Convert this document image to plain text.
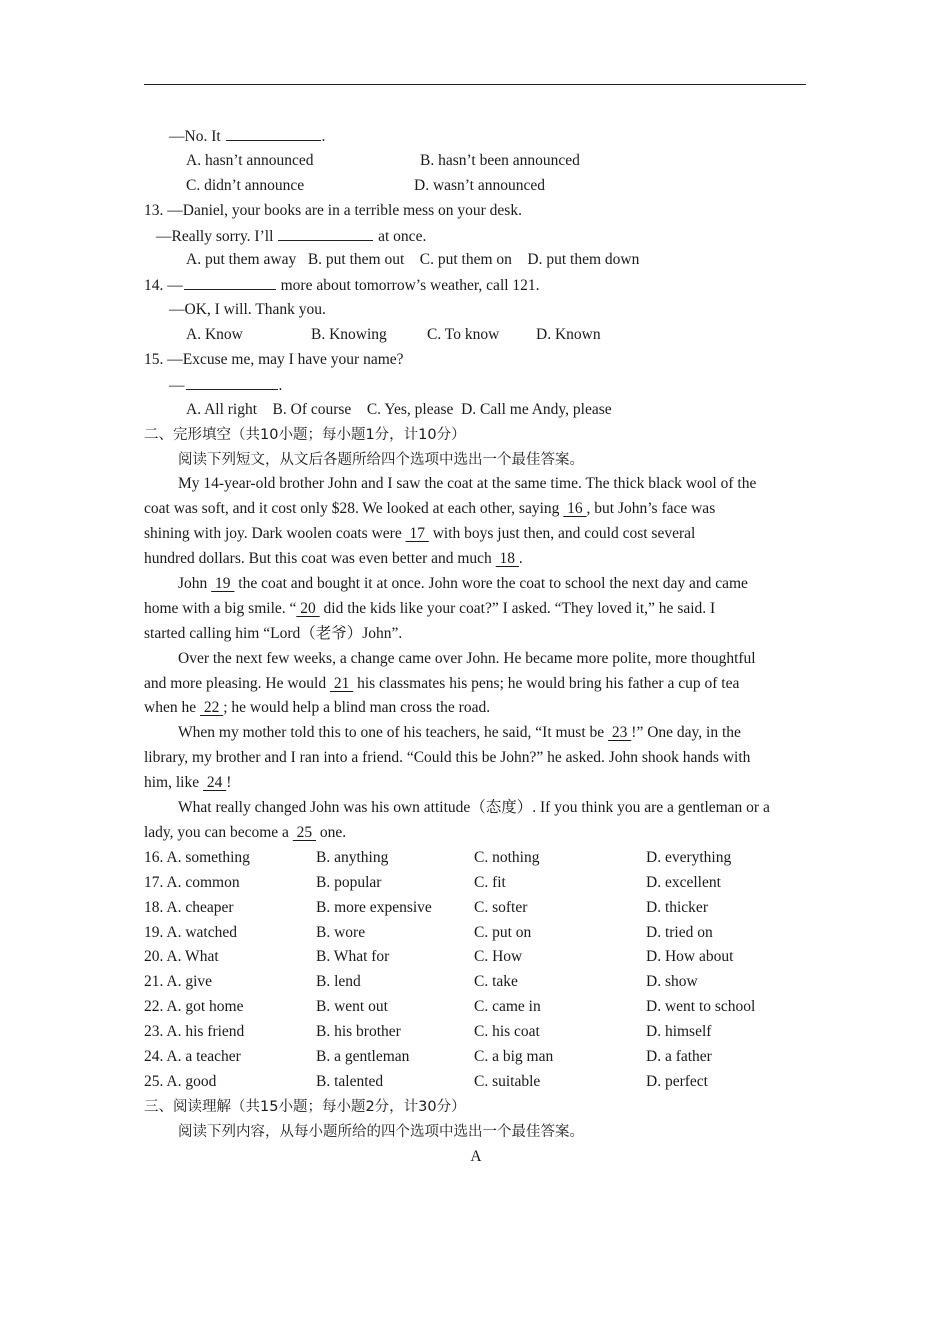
—No. It	.
A. hasn’t announced	B. hasn’t been announced
C. didn’t announce	D. wasn’t announced
13. —Daniel, your books are in a terrible mess on your desk.
—Really sorry. I’ll	at once.
A. put them away   B. put them out    C. put them on    D. put them down
14. —	more about tomorrow’s weather, call 121.
—OK, I will. Thank you.
A. Know	B. Knowing	C. To know D. Known
15. —Excuse me, may I have your name?
—	.
A. All right    B. Of course    C. Yes, please  D. Call me Andy, please
二、完形填空（共10小题；每小题1分，计10分）
阅读下列短文，从文后各题所给四个选项中选出一个最佳答案。
My 14-year-old brother John and I saw the coat at the same time. The thick black wool of the
coat was soft, and it cost only $28. We looked at each other, saying  16 , but John’s face was
shining with joy. Dark woolen coats were  17  with boys just then, and could cost several
hundred dollars. But this coat was even better and much  18 .
John  19  the coat and bought it at once. John wore the coat to school the next day and came
home with a big smile. “ 20  did the kids like your coat?” I asked. “They loved it,” he said. I
started calling him “Lord（老爷）John”.
Over the next few weeks, a change came over John. He became more polite, more thoughtful
and more pleasing. He would  21  his classmates his pens; he would bring his father a cup of tea
when he  22 ; he would help a blind man cross the road.
When my mother told this to one of his teachers, he said, “It must be  23 !” One day, in the
library, my brother and I ran into a friend. “Could this be John?” he asked. John shook hands with
him, like  24 !
What really changed John was his own attitude（态度）. If you think you are a gentleman or a
lady, you can become a  25  one.
16. A. something	B. anything	C. nothing	D. everything
17. A. common	B. popular	C. fit	D. excellent
18. A. cheaper	B. more expensive	C. softer	D. thicker
19. A. watched	B. wore	C. put on	D. tried on
20. A. What	B. What for	C. How	D. How about
21. A. give	B. lend	C. take	D. show
22. A. got home	B. went out	C. came in	D. went to school
23. A. his friend	B. his brother	C. his coat	D. himself
24. A. a teacher	B. a gentleman	C. a big man	D. a father
25. A. good	B. talented	C. suitable	D. perfect
三、阅读理解（共15小题；每小题2分，计30分）
阅读下列内容，从每小题所给的四个选项中选出一个最佳答案。
A
